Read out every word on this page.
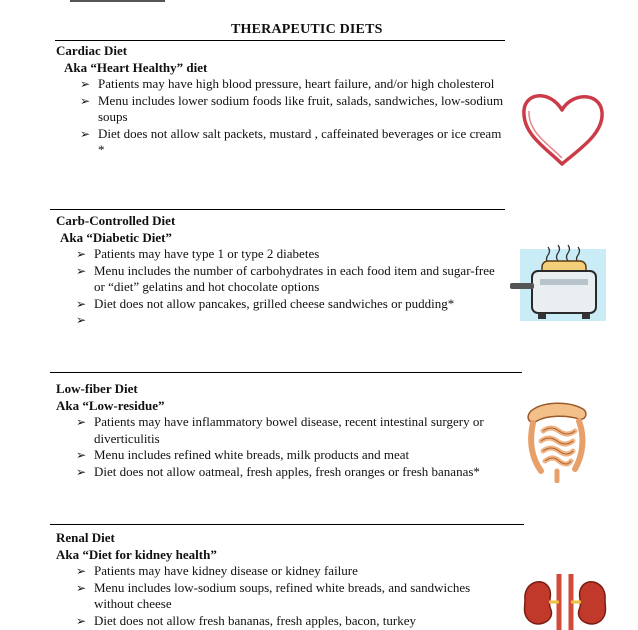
THERAPEUTIC DIETS

Cardiac Diet

Aka “Heart Healthy” diet

➢ Patients may have high blood pressure, heart failure, and/or high cholesterol
➢ Menu includes lower sodium foods like fruit, salads, sandwiches, low-sodium soups
➢ Diet does not allow salt packets, mustard , caffeinated beverages or ice cream *

Carb-Controlled Diet

Aka “Diabetic Diet”

➢ Patients may have type 1 or type 2 diabetes
➢ Menu includes the number of carbohydrates in each food item and sugar-free or “diet” gelatins and hot chocolate options
➢ Diet does not allow pancakes, grilled cheese sandwiches or pudding*
➢

Low-fiber Diet

Aka “Low-residue”

➢ Patients may have inflammatory bowel disease, recent intestinal surgery or diverticulitis
➢ Menu includes refined white breads, milk products and meat
➢ Diet does not allow oatmeal, fresh apples, fresh oranges or fresh bananas*

Renal Diet

Aka “Diet for kidney health”

➢ Patients may have kidney disease or kidney failure
➢ Menu includes low-sodium soups, refined white breads, and sandwiches without cheese
➢ Diet does not allow fresh bananas, fresh apples, bacon, turkey
